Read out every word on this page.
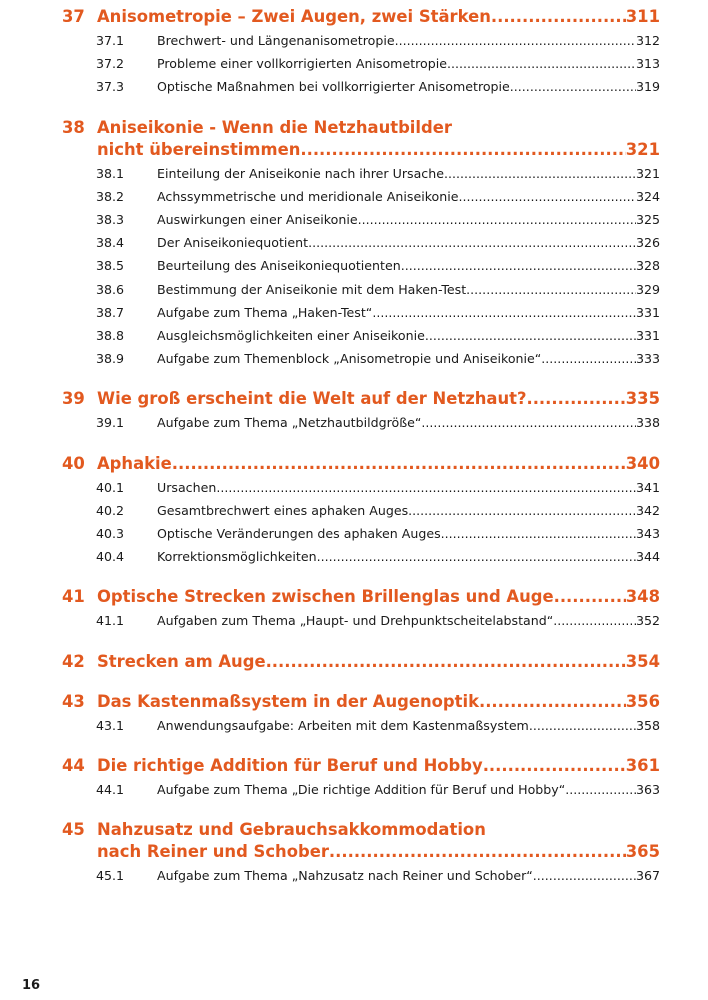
37 Anisometropie – Zwei Augen, zwei Stärken .....	311
37.1	Brechwert- und Längenanisometropie .....	312
37.2	Probleme einer vollkorrigierten Anisometropie .....	313
37.3	Optische Maßnahmen bei vollkorrigierter Anisometropie .....	319
38 Aniseikonie - Wenn die Netzhautbilder
nicht übereinstimmen .....	321
38.1	Einteilung der Aniseikonie nach ihrer Ursache .....	321
38.2	Achssymmetrische und meridionale Aniseikonie .....	324
38.3	Auswirkungen einer Aniseikonie .....	325
38.4	Der Aniseikoniequotient .....	326
38.5	Beurteilung des Aniseikoniequotienten .....	328
38.6	Bestimmung der Aniseikonie mit dem Haken-Test .....	329
38.7	Aufgabe zum Thema „Haken-Test“ .....	331
38.8	Ausgleichsmöglichkeiten einer Aniseikonie .....	331
38.9	Aufgabe zum Themenblock „Anisometropie und Aniseikonie“ .....	333
39 Wie groß erscheint die Welt auf der Netzhaut? .....	335
39.1	Aufgabe zum Thema „Netzhautbildgröße“ .....	338
40 Aphakie .....	340
40.1	Ursachen .....	341
40.2	Gesamtbrechwert eines aphaken Auges .....	342
40.3	Optische Veränderungen des aphaken Auges .....	343
40.4	Korrektionsmöglichkeiten .....	344
41 Optische Strecken zwischen Brillenglas und Auge .....	348
41.1	Aufgaben zum Thema „Haupt- und Drehpunktscheitelabstand“ .....	352
42 Strecken am Auge .....	354
43 Das Kastenmaßsystem in der Augenoptik .....	356
43.1	Anwendungsaufgabe: Arbeiten mit dem Kastenmaßsystem .....	358
44 Die richtige Addition für Beruf und Hobby .....	361
44.1	Aufgabe zum Thema „Die richtige Addition für Beruf und Hobby“ .....	363
45 Nahzusatz und Gebrauchsakkommodation
nach Reiner und Schober .....	365
45.1	Aufgabe zum Thema „Nahzusatz nach Reiner und Schober“ .....	367
16
